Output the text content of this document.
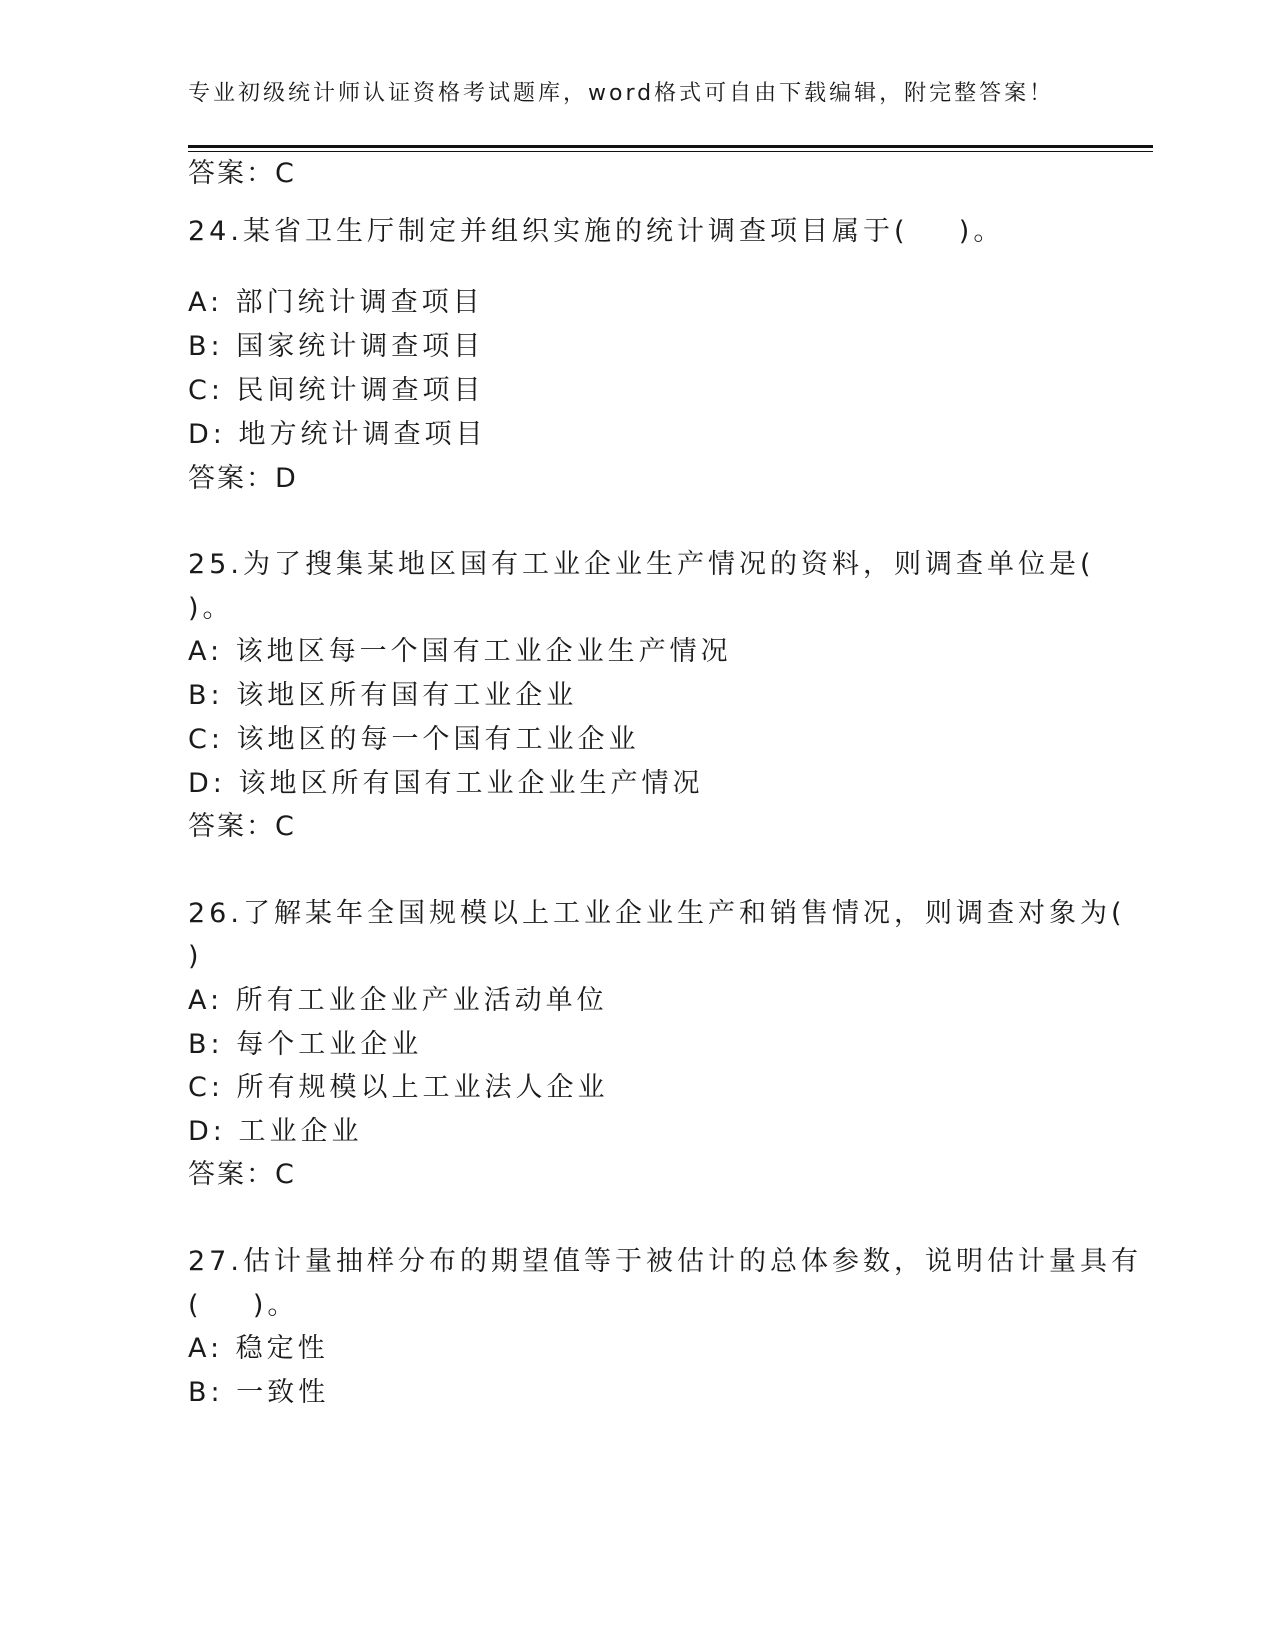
专业初级统计师认证资格考试题库，word格式可自由下载编辑，附完整答案！
答案：C
24.某省卫生厅制定并组织实施的统计调查项目属于(    )。
A: 部门统计调查项目
B: 国家统计调查项目
C: 民间统计调查项目
D: 地方统计调查项目
答案：D
25.为了搜集某地区国有工业企业生产情况的资料，则调查单位是(
)。
A: 该地区每一个国有工业企业生产情况
B: 该地区所有国有工业企业
C: 该地区的每一个国有工业企业
D: 该地区所有国有工业企业生产情况
答案：C
26.了解某年全国规模以上工业企业生产和销售情况，则调查对象为(
)
A: 所有工业企业产业活动单位
B: 每个工业企业
C: 所有规模以上工业法人企业
D: 工业企业
答案：C
27.估计量抽样分布的期望值等于被估计的总体参数，说明估计量具有
(    )。
A: 稳定性
B: 一致性
